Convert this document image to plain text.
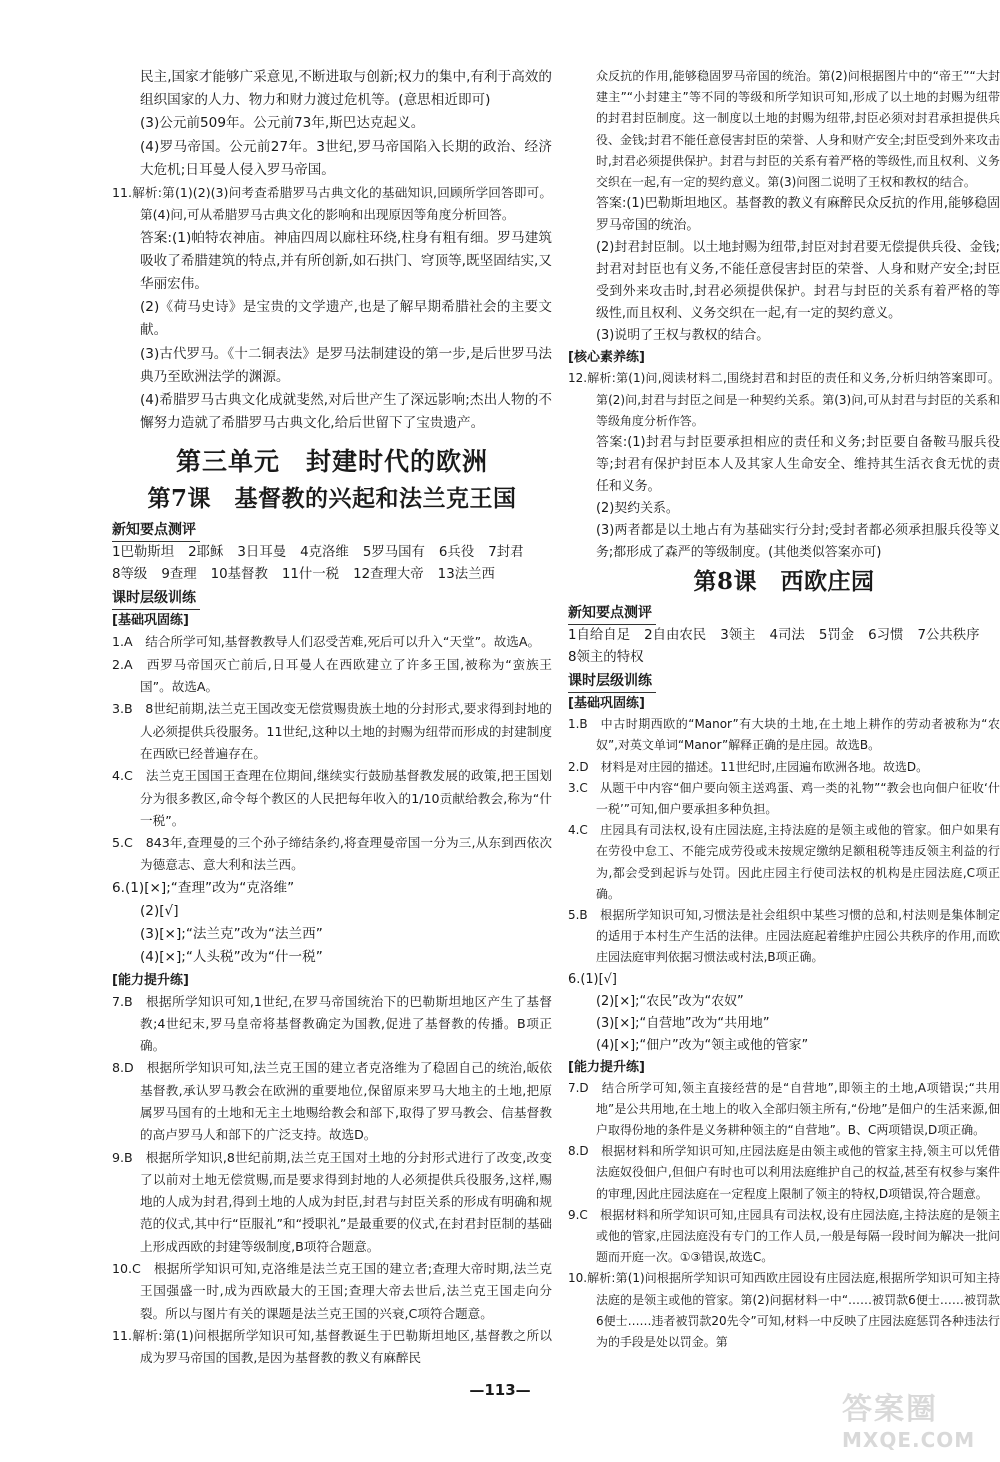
民主,国家才能够广采意见,不断进取与创新;权力的集中,有利于高效的组织国家的人力、物力和财力渡过危机等。(意思相近即可)

(3)公元前509年。公元前73年,斯巴达克起义。

(4)罗马帝国。公元前27年。3世纪,罗马帝国陷入长期的政治、经济大危机;日耳曼人侵入罗马帝国。

11.解析:第(1)(2)(3)问考查希腊罗马古典文化的基础知识,回顾所学回答即可。第(4)问,可从希腊罗马古典文化的影响和出现原因等角度分析回答。

答案:(1)帕特农神庙。神庙四周以廊柱环绕,柱身有粗有细。罗马建筑吸收了希腊建筑的特点,并有所创新,如石拱门、穹顶等,既坚固结实,又华丽宏伟。

(2)《荷马史诗》是宝贵的文学遗产,也是了解早期希腊社会的主要文献。

(3)古代罗马。《十二铜表法》是罗马法制建设的第一步,是后世罗马法典乃至欧洲法学的渊源。

(4)希腊罗马古典文化成就斐然,对后世产生了深远影响;杰出人物的不懈努力造就了希腊罗马古典文化,给后世留下了宝贵遗产。

第三单元　封建时代的欧洲
第7课　基督教的兴起和法兰克王国
新知要点测评
1巴勒斯坦 2耶稣 3日耳曼 4克洛维 5罗马国有 6兵役 7封君
8等级 9查理 10基督教 11什一税 12查理大帝 13法兰西
课时层级训练
[基础巩固练]

1.A　结合所学可知,基督教教导人们忍受苦难,死后可以升入“天堂”。故选A。

2.A　西罗马帝国灭亡前后,日耳曼人在西欧建立了许多王国,被称为“蛮族王国”。故选A。

3.B　8世纪前期,法兰克王国改变无偿赏赐贵族土地的分封形式,要求得到封地的人必须提供兵役服务。11世纪,这种以土地的封赐为纽带而形成的封建制度在西欧已经普遍存在。

4.C　法兰克王国国王查理在位期间,继续实行鼓励基督教发展的政策,把王国划分为很多教区,命令每个教区的人民把每年收入的1/10贡献给教会,称为“什一税”。

5.C　843年,查理曼的三个孙子缔结条约,将查理曼帝国一分为三,从东到西依次为德意志、意大利和法兰西。

6.(1)[×];“查理”改为“克洛维”

(2)[√]

(3)[×];“法兰克”改为“法兰西”

(4)[×];“人头税”改为“什一税”

[能力提升练]

7.B　根据所学知识可知,1世纪,在罗马帝国统治下的巴勒斯坦地区产生了基督教;4世纪末,罗马皇帝将基督教确定为国教,促进了基督教的传播。B项正确。

8.D　根据所学知识可知,法兰克王国的建立者克洛维为了稳固自己的统治,皈依基督教,承认罗马教会在欧洲的重要地位,保留原来罗马大地主的土地,把原属罗马国有的土地和无主土地赐给教会和部下,取得了罗马教会、信基督教的高卢罗马人和部下的广泛支持。故选D。

9.B　根据所学知识,8世纪前期,法兰克王国对土地的分封形式进行了改变,改变了以前对土地无偿赏赐,而是要求得到封地的人必须提供兵役服务,这样,赐地的人成为封君,得到土地的人成为封臣,封君与封臣关系的形成有明确和规范的仪式,其中行“臣服礼”和“授职礼”是最重要的仪式,在封君封臣制的基础上形成西欧的封建等级制度,B项符合题意。

10.C　根据所学知识可知,克洛维是法兰克王国的建立者;查理大帝时期,法兰克王国强盛一时,成为西欧最大的王国;查理大帝去世后,法兰克王国走向分裂。所以与图片有关的课题是法兰克王国的兴衰,C项符合题意。

11.解析:第(1)问根据所学知识可知,基督教诞生于巴勒斯坦地区,基督教之所以成为罗马帝国的国教,是因为基督教的教义有麻醉民

众反抗的作用,能够稳固罗马帝国的统治。第(2)问根据图片中的“帝王”“大封建主”“小封建主”等不同的等级和所学知识可知,形成了以土地的封赐为纽带的封君封臣制度。这一制度以土地的封赐为纽带,封臣必须对封君承担提供兵役、金钱;封君不能任意侵害封臣的荣誉、人身和财产安全;封臣受到外来攻击时,封君必须提供保护。封君与封臣的关系有着严格的等级性,而且权利、义务交织在一起,有一定的契约意义。第(3)问图二说明了王权和教权的结合。

答案:(1)巴勒斯坦地区。基督教的教义有麻醉民众反抗的作用,能够稳固罗马帝国的统治。

(2)封君封臣制。以土地封赐为纽带,封臣对封君要无偿提供兵役、金钱;封君对封臣也有义务,不能任意侵害封臣的荣誉、人身和财产安全;封臣受到外来攻击时,封君必须提供保护。封君与封臣的关系有着严格的等级性,而且权利、义务交织在一起,有一定的契约意义。

(3)说明了王权与教权的结合。

[核心素养练]

12.解析:第(1)问,阅读材料二,围绕封君和封臣的责任和义务,分析归纳答案即可。第(2)问,封君与封臣之间是一种契约关系。第(3)问,可从封君与封臣的关系和等级角度分析作答。

答案:(1)封君与封臣要承担相应的责任和义务;封臣要自备鞍马服兵役等;封君有保护封臣本人及其家人生命安全、维持其生活衣食无忧的责任和义务。

(2)契约关系。

(3)两者都是以土地占有为基础实行分封;受封者都必须承担服兵役等义务;都形成了森严的等级制度。(其他类似答案亦可)

第8课　西欧庄园
新知要点测评
1自给自足 2自由农民 3领主 4司法 5罚金 6习惯 7公共秩序
8领主的特权
课时层级训练
[基础巩固练]

1.B　中古时期西欧的“Manor”有大块的土地,在土地上耕作的劳动者被称为“农奴”,对英文单词“Manor”解释正确的是庄园。故选B。

2.D　材料是对庄园的描述。11世纪时,庄园遍布欧洲各地。故选D。

3.C　从题干中内容“佃户要向领主送鸡蛋、鸡一类的礼物”“教会也向佃户征收‘什一税’”可知,佃户要承担多种负担。

4.C　庄园具有司法权,设有庄园法庭,主持法庭的是领主或他的管家。佃户如果有在劳役中怠工、不能完成劳役或未按规定缴纳足额租税等违反领主利益的行为,都会受到起诉与处罚。因此庄园主行使司法权的机构是庄园法庭,C项正确。

5.B　根据所学知识可知,习惯法是社会组织中某些习惯的总和,村法则是集体制定的适用于本村生产生活的法律。庄园法庭起着维护庄园公共秩序的作用,而欧庄园法庭审判依据习惯法或村法,B项正确。

6.(1)[√]

(2)[×];“农民”改为“农奴”

(3)[×];“自营地”改为“共用地”

(4)[×];“佃户”改为“领主或他的管家”

[能力提升练]

7.D　结合所学可知,领主直接经营的是“自营地”,即领主的土地,A项错误;“共用地”是公共用地,在土地上的收入全部归领主所有,“份地”是佃户的生活来源,佃户取得份地的条件是义务耕种领主的“自营地”。B、C两项错误,D项正确。

8.D　根据材料和所学知识可知,庄园法庭是由领主或他的管家主持,领主可以凭借法庭奴役佃户,但佃户有时也可以利用法庭维护自己的权益,甚至有权参与案件的审理,因此庄园法庭在一定程度上限制了领主的特权,D项错误,符合题意。

9.C　根据材料和所学知识可知,庄园具有司法权,设有庄园法庭,主持法庭的是领主或他的管家,庄园法庭没有专门的工作人员,一般是每隔一段时间为解决一批问题而开庭一次。①③错误,故选C。

10.解析:第(1)问根据所学知识可知西欧庄园设有庄园法庭,根据所学知识可知主持法庭的是领主或他的管家。第(2)问据材料一中“……被罚款6便士……被罚款6便士……违者被罚款20先令”可知,材料一中反映了庄园法庭惩罚各种违法行为的手段是处以罚金。第

—113—
答案圈
MXQE.COM
